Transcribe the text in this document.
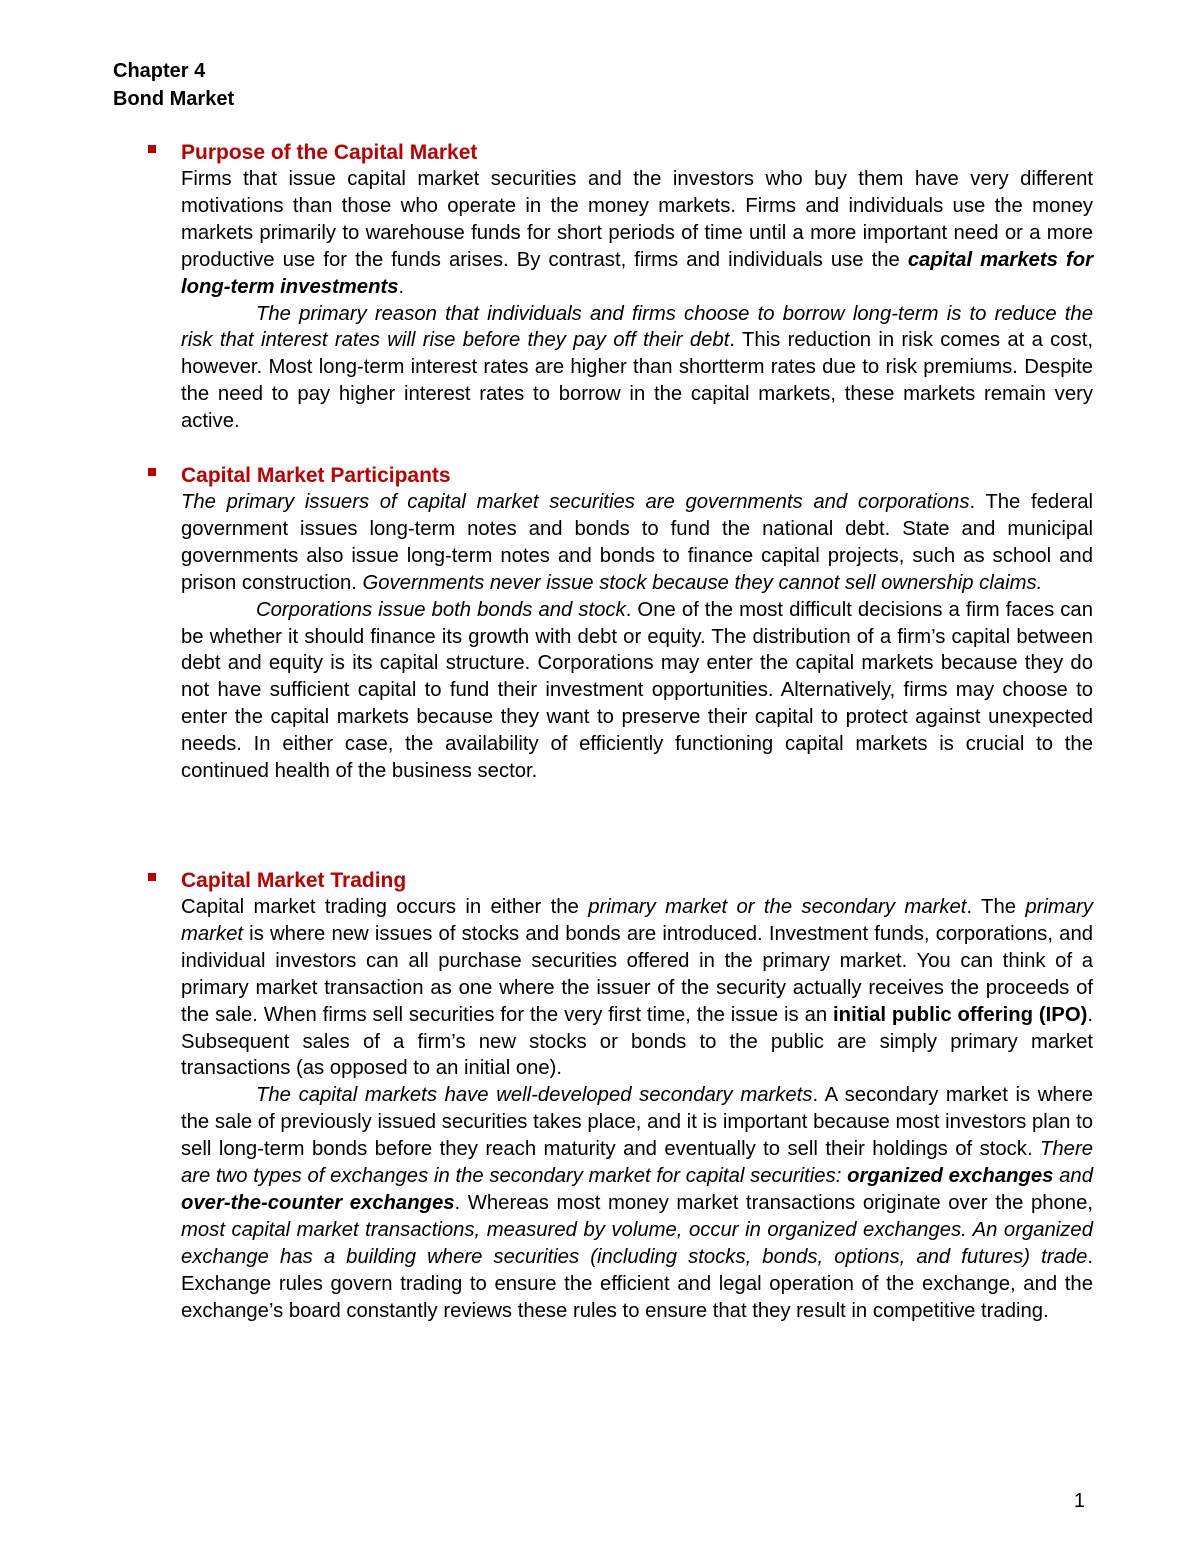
Chapter 4
Bond Market
Purpose of the Capital Market

Firms that issue capital market securities and the investors who buy them have very different motivations than those who operate in the money markets. Firms and individuals use the money markets primarily to warehouse funds for short periods of time until a more important need or a more productive use for the funds arises. By contrast, firms and individuals use the capital markets for long-term investments.

The primary reason that individuals and firms choose to borrow long-term is to reduce the risk that interest rates will rise before they pay off their debt. This reduction in risk comes at a cost, however. Most long-term interest rates are higher than shortterm rates due to risk premiums. Despite the need to pay higher interest rates to borrow in the capital markets, these markets remain very active.

Capital Market Participants

The primary issuers of capital market securities are governments and corporations. The federal government issues long-term notes and bonds to fund the national debt. State and municipal governments also issue long-term notes and bonds to finance capital projects, such as school and prison construction. Governments never issue stock because they cannot sell ownership claims.

Corporations issue both bonds and stock. One of the most difficult decisions a firm faces can be whether it should finance its growth with debt or equity. The distribution of a firm’s capital between debt and equity is its capital structure. Corporations may enter the capital markets because they do not have sufficient capital to fund their investment opportunities. Alternatively, firms may choose to enter the capital markets because they want to preserve their capital to protect against unexpected needs. In either case, the availability of efficiently functioning capital markets is crucial to the continued health of the business sector.

Capital Market Trading

Capital market trading occurs in either the primary market or the secondary market. The primary market is where new issues of stocks and bonds are introduced. Investment funds, corporations, and individual investors can all purchase securities offered in the primary market. You can think of a primary market transaction as one where the issuer of the security actually receives the proceeds of the sale. When firms sell securities for the very first time, the issue is an initial public offering (IPO). Subsequent sales of a firm’s new stocks or bonds to the public are simply primary market transactions (as opposed to an initial one).

The capital markets have well-developed secondary markets. A secondary market is where the sale of previously issued securities takes place, and it is important because most investors plan to sell long-term bonds before they reach maturity and eventually to sell their holdings of stock. There are two types of exchanges in the secondary market for capital securities: organized exchanges and over-the-counter exchanges. Whereas most money market transactions originate over the phone, most capital market transactions, measured by volume, occur in organized exchanges. An organized exchange has a building where securities (including stocks, bonds, options, and futures) trade. Exchange rules govern trading to ensure the efficient and legal operation of the exchange, and the exchange’s board constantly reviews these rules to ensure that they result in competitive trading.

1
